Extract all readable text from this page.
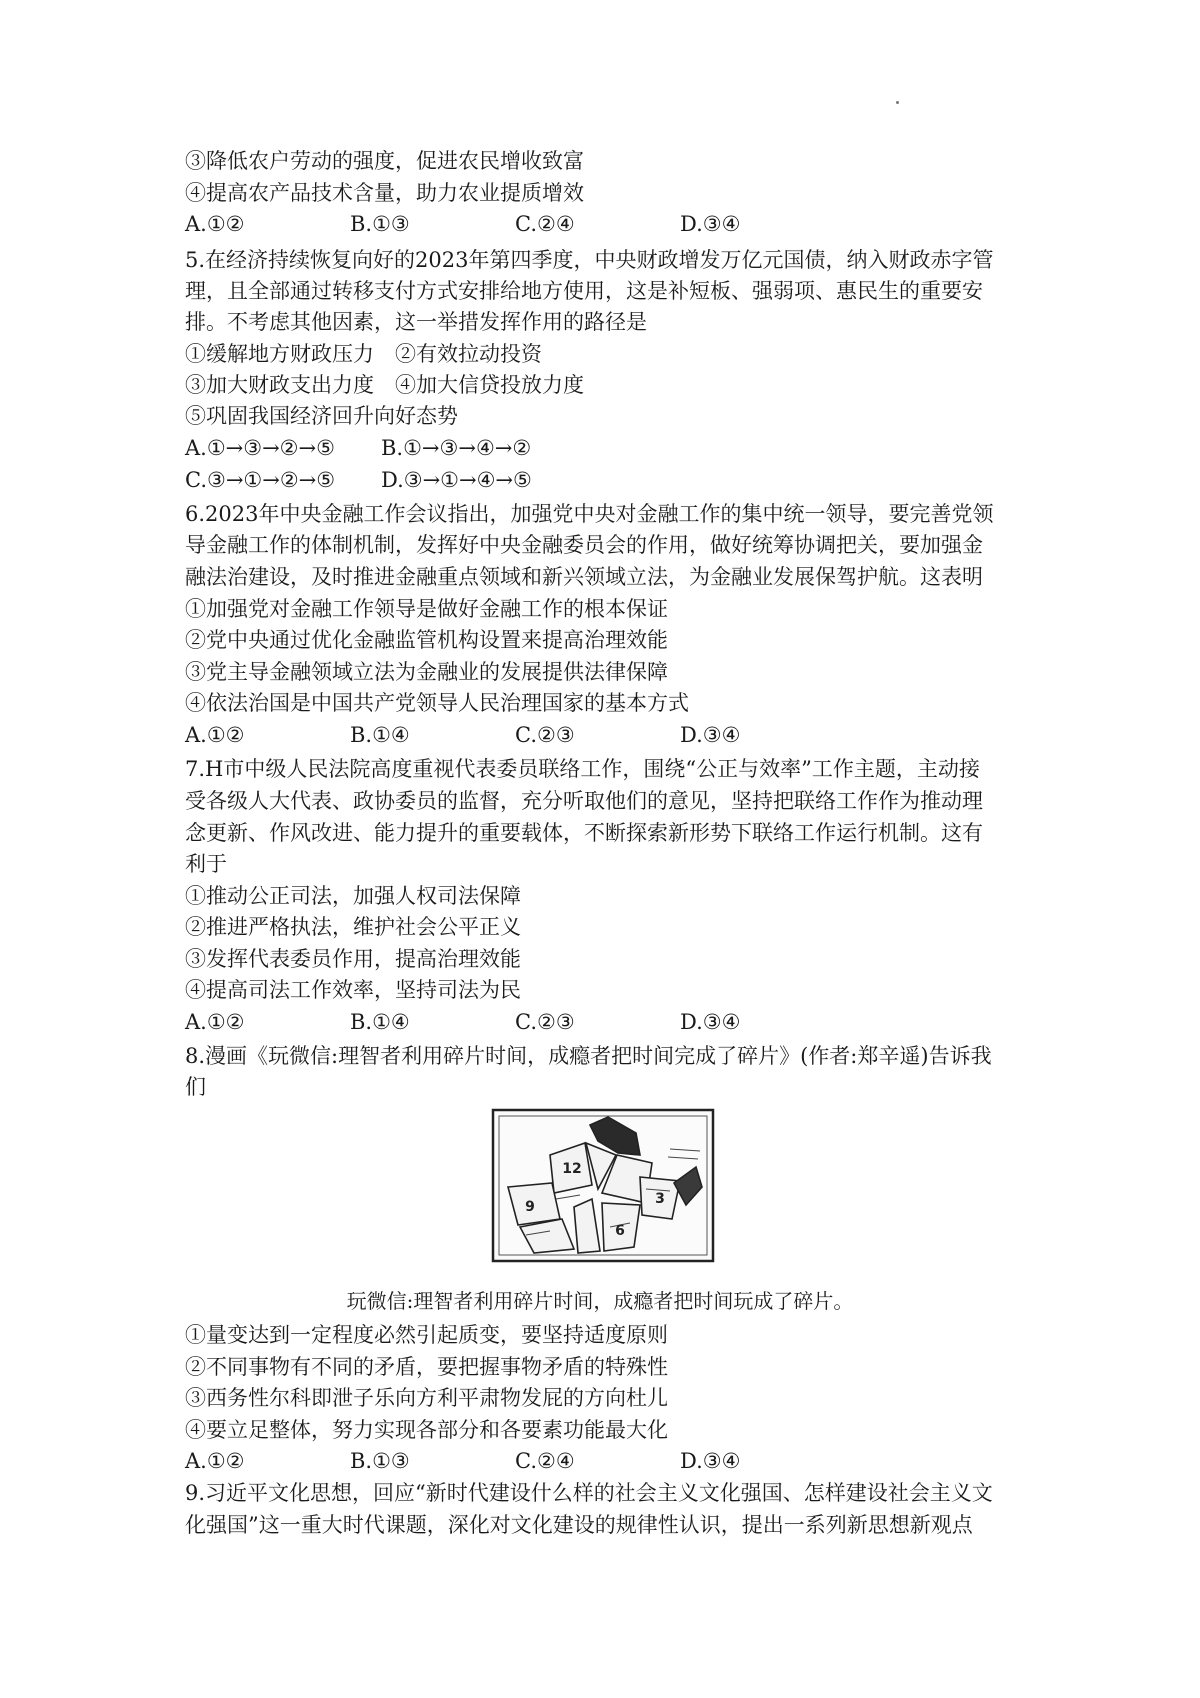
③降低农户劳动的强度，促进农民增收致富
④提高农产品技术含量，助力农业提质增效
A.①②	B.①③	C.②④	D.③④
5.在经济持续恢复向好的2023年第四季度，中央财政增发万亿元国债，纳入财政赤字管
理，且全部通过转移支付方式安排给地方使用，这是补短板、强弱项、惠民生的重要安
排。不考虑其他因素，这一举措发挥作用的路径是
①缓解地方财政压力　②有效拉动投资
③加大财政支出力度　④加大信贷投放力度
⑤巩固我国经济回升向好态势
A.①→③→②→⑤ B.①→③→④→②
C.③→①→②→⑤ D.③→①→④→⑤
6.2023年中央金融工作会议指出，加强党中央对金融工作的集中统一领导，要完善党领
导金融工作的体制机制，发挥好中央金融委员会的作用，做好统筹协调把关，要加强金
融法治建设，及时推进金融重点领域和新兴领域立法，为金融业发展保驾护航。这表明
①加强党对金融工作领导是做好金融工作的根本保证
②党中央通过优化金融监管机构设置来提高治理效能
③党主导金融领域立法为金融业的发展提供法律保障
④依法治国是中国共产党领导人民治理国家的基本方式
A.①②	B.①④	C.②③	D.③④
7.H市中级人民法院高度重视代表委员联络工作，围绕“公正与效率”工作主题，主动接
受各级人大代表、政协委员的监督，充分听取他们的意见，坚持把联络工作作为推动理
念更新、作风改进、能力提升的重要载体，不断探索新形势下联络工作运行机制。这有
利于
①推动公正司法，加强人权司法保障
②推进严格执法，维护社会公平正义
③发挥代表委员作用，提高治理效能
④提高司法工作效率，坚持司法为民
A.①②	B.①④	C.②③	D.③④
8.漫画《玩微信:理智者利用碎片时间，成瘾者把时间完成了碎片》(作者:郑辛遥)告诉我
们
12
3
6
9
玩微信:理智者利用碎片时间，成瘾者把时间玩成了碎片。
①量变达到一定程度必然引起质变，要坚持适度原则
②不同事物有不同的矛盾，要把握事物矛盾的特殊性
③西务性尔科即泄子乐向方利平肃物发屁的方向杜儿
④要立足整体，努力实现各部分和各要素功能最大化
A.①②	B.①③	C.②④	D.③④
9.习近平文化思想，回应“新时代建设什么样的社会主义文化强国、怎样建设社会主义文
化强国”这一重大时代课题，深化对文化建设的规律性认识，提出一系列新思想新观点
